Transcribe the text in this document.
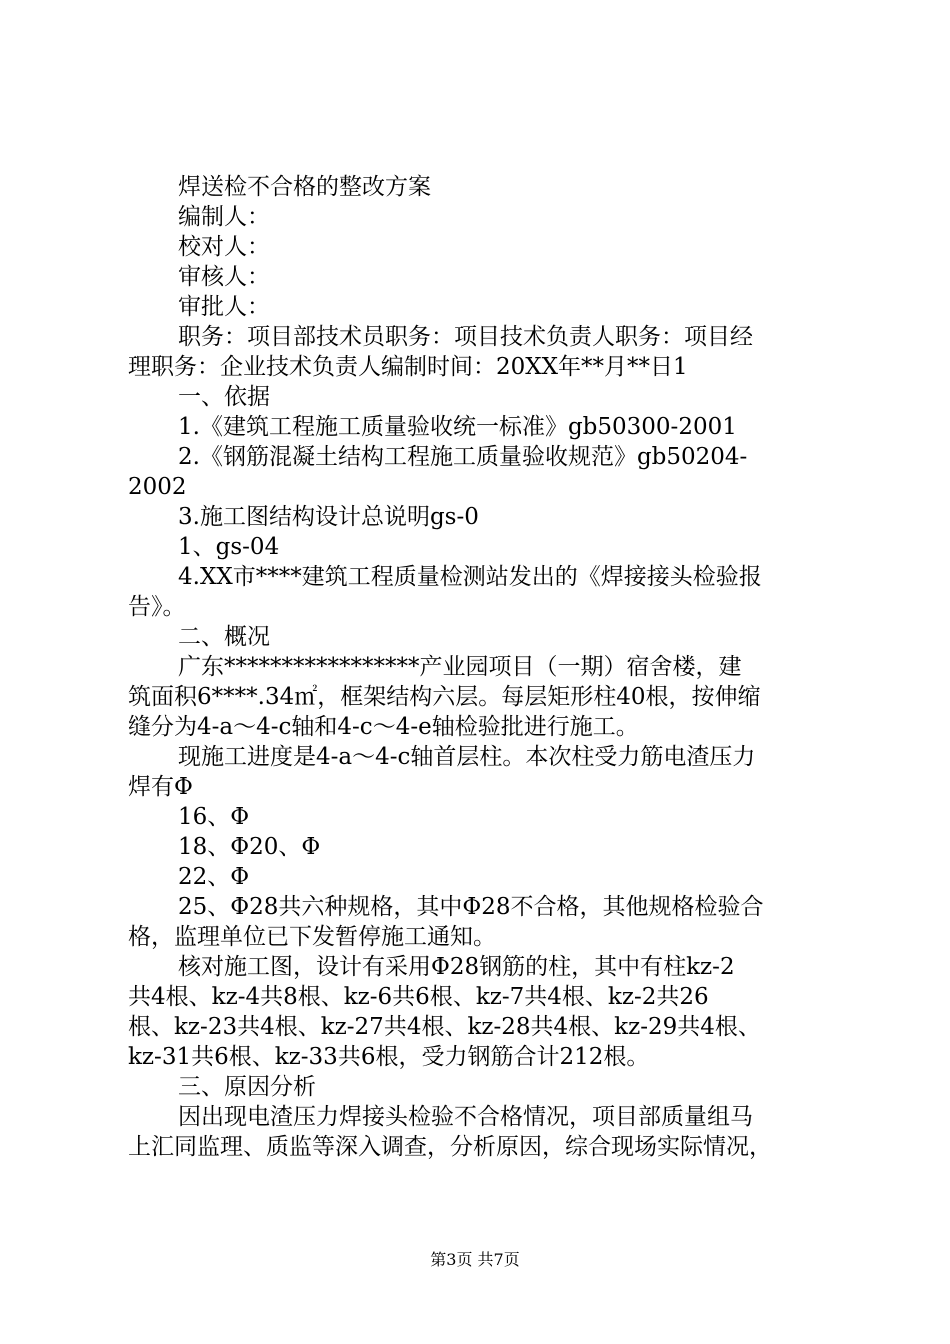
焊送检不合格的整改方案
编制人：
校对人：
审核人：
审批人：
职务：项目部技术员职务：项目技术负责人职务：项目经
理职务：企业技术负责人编制时间：20XX年**月**日1
一、依据
1.《建筑工程施工质量验收统一标准》gb50300-2001
2.《钢筋混凝土结构工程施工质量验收规范》gb50204-
2002
3.施工图结构设计总说明gs-0
1、gs-04
4.XX市****建筑工程质量检测站发出的《焊接接头检验报
告》。
二、概况
广东*****************产业园项目（一期）宿舍楼，建
筑面积6****.34㎡，框架结构六层。每层矩形柱40根，按伸缩
缝分为4-a～4-c轴和4-c～4-e轴检验批进行施工。
现施工进度是4-a～4-c轴首层柱。本次柱受力筋电渣压力
焊有Φ
16、Φ
18、Φ20、Φ
22、Φ
25、Φ28共六种规格，其中Φ28不合格，其他规格检验合
格，监理单位已下发暂停施工通知。
核对施工图，设计有采用Φ28钢筋的柱，其中有柱kz-2
共4根、kz-4共8根、kz-6共6根、kz-7共4根、kz-2共26
根、kz-23共4根、kz-27共4根、kz-28共4根、kz-29共4根、
kz-31共6根、kz-33共6根，受力钢筋合计212根。
三、原因分析
因出现电渣压力焊接头检验不合格情况，项目部质量组马
上汇同监理、质监等深入调查，分析原因，综合现场实际情况，
第3页 共7页
